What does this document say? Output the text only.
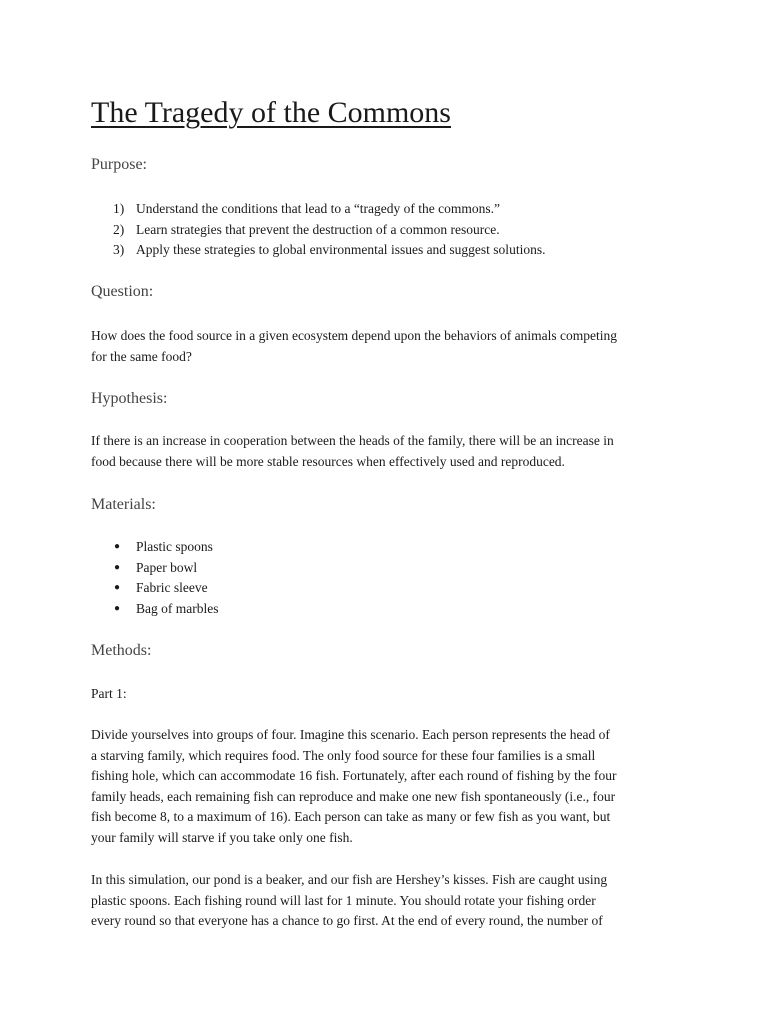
The Tragedy of the Commons
Purpose:
1) Understand the conditions that lead to a “tragedy of the commons.”
2) Learn strategies that prevent the destruction of a common resource.
3) Apply these strategies to global environmental issues and suggest solutions.
Question:

How does the food source in a given ecosystem depend upon the behaviors of animals competing
for the same food?

Hypothesis:

If there is an increase in cooperation between the heads of the family, there will be an increase in
food because there will be more stable resources when effectively used and reproduced.

Materials:
● Plastic spoons
● Paper bowl
● Fabric sleeve
● Bag of marbles
Methods:

Part 1:

Divide yourselves into groups of four. Imagine this scenario. Each person represents the head of
a starving family, which requires food. The only food source for these four families is a small
fishing hole, which can accommodate 16 fish. Fortunately, after each round of fishing by the four
family heads, each remaining fish can reproduce and make one new fish spontaneously (i.e., four
fish become 8, to a maximum of 16). Each person can take as many or few fish as you want, but
your family will starve if you take only one fish.

In this simulation, our pond is a beaker, and our fish are Hershey’s kisses. Fish are caught using
plastic spoons. Each fishing round will last for 1 minute. You should rotate your fishing order
every round so that everyone has a chance to go first. At the end of every round, the number of
